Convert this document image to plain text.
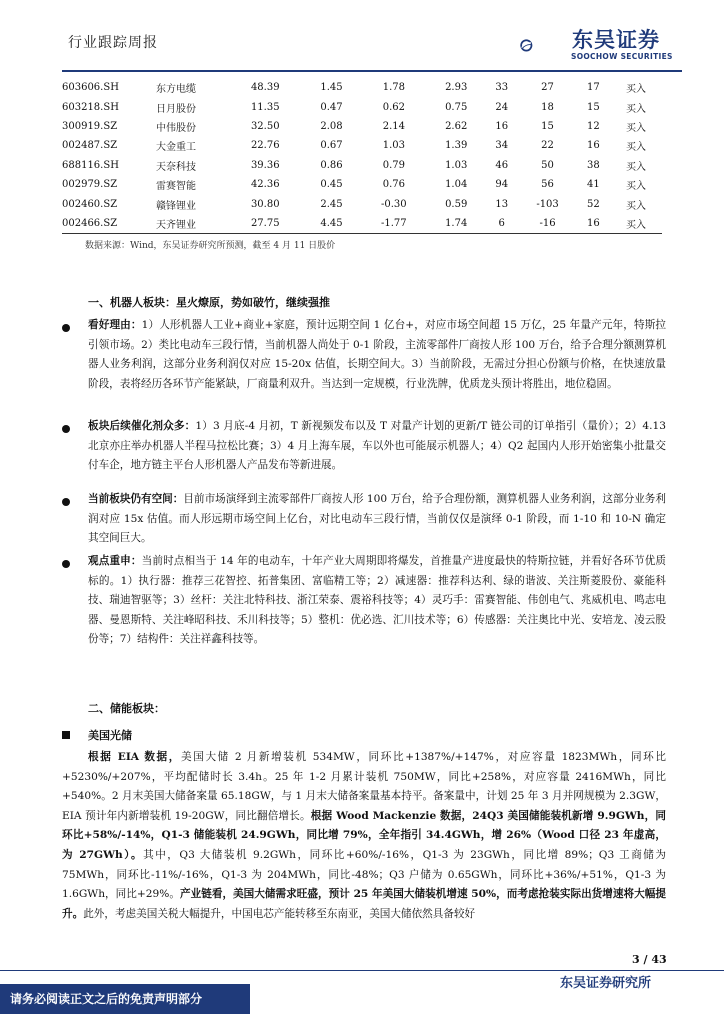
行业跟踪周报	东吴证券
SOOCHOW SECURITIES
603606.SH	东方电缆	48.39	1.45	1.78	2.93	33	27	17	买入
603218.SH	日月股份	11.35	0.47	0.62	0.75	24	18	15	买入
300919.SZ	中伟股份	32.50	2.08	2.14	2.62	16	15	12	买入
002487.SZ	大金重工	22.76	0.67	1.03	1.39	34	22	16	买入
688116.SH	天奈科技	39.36	0.86	0.79	1.03	46	50	38	买入
002979.SZ	雷赛智能	42.36	0.45	0.76	1.04	94	56	41	买入
002460.SZ	赣锋锂业	30.80	2.45	-0.30	0.59	13	-103	52	买入
002466.SZ	天齐锂业	27.75	4.45	-1.77	1.74	6	-16	16	买入
数据来源：Wind，东吴证券研究所预测，截至 4 月 11 日股价
一、机器人板块：星火燎原，势如破竹，继续强推
看好理由：1）人形机器人工业+商业+家庭，预计远期空间 1 亿台+，对应市场空间超 15 万亿，25 年量产元年，特斯拉引领市场。2）类比电动车三段行情，当前机器人尚处于 0-1 阶段，主流零部件厂商按人形 100 万台，给予合理分额测算机器人业务利润，这部分业务利润仅对应 15-20x 估值，长期空间大。3）当前阶段，无需过分担心份额与价格，在快速放量阶段，表将经历各环节产能紧缺，厂商量利双升。当达到一定规模，行业洗牌，优质龙头预计将胜出，地位稳固。
板块后续催化剂众多：1）3 月底-4 月初，T 新视频发布以及 T 对量产计划的更新/T 链公司的订单指引（量价）；2）4.13 北京亦庄举办机器人半程马拉松比赛；3）4 月上海车展，车以外也可能展示机器人；4）Q2 起国内人形开始密集小批量交付车企，地方链主平台人形机器人产品发布等新进展。
当前板块仍有空间：目前市场演绎到主流零部件厂商按人形 100 万台，给予合理份额，测算机器人业务利润，这部分业务利润对应 15x 估值。而人形远期市场空间上亿台，对比电动车三段行情，当前仅仅是演绎 0-1 阶段，而 1-10 和 10-N 确定其空间巨大。
观点重申：当前时点相当于 14 年的电动车，十年产业大周期即将爆发，首推量产进度最快的特斯拉链，并看好各环节优质标的。1）执行器：推荐三花智控、拓普集团、富临精工等；2）减速器：推荐科达利、绿的谐波、关注斯菱股份、豪能科技、瑞迪智驱等；3）丝杆：关注北特科技、浙江荣泰、震裕科技等；4）灵巧手：雷赛智能、伟创电气、兆威机电、鸣志电器、曼恩斯特、关注峰昭科技、禾川科技等；5）整机：优必选、汇川技术等；6）传感器：关注奥比中光、安培龙、凌云股份等；7）结构件：关注祥鑫科技等。
二、储能板块：
美国光储
根据 EIA 数据，美国大储 2 月新增装机 534MW，同环比+1387%/+147%，对应容量 1823MWh，同环比+5230%/+207%，平均配储时长 3.4h。25 年 1-2 月累计装机 750MW，同比+258%，对应容量 2416MWh，同比+540%。2 月末美国大储备案量 65.18GW，与 1 月末大储备案量基本持平。备案量中，计划 25 年 3 月并网规模为 2.3GW，EIA 预计年内新增装机 19-20GW，同比翻倍增长。根据 Wood Mackenzie 数据，24Q3 美国储能装机新增 9.9GWh，同环比+58%/-14%，Q1-3 储能装机 24.9GWh，同比增 79%，全年指引 34.4GWh，增 26%（Wood 口径 23 年虚高，为 27GWh）。其中，Q3 大储装机 9.2GWh，同环比+60%/-16%，Q1-3 为 23GWh，同比增 89%；Q3 工商储为 75MWh，同环比-11%/-16%，Q1-3 为 204MWh，同比-48%；Q3 户储为 0.65GWh，同环比+36%/+51%，Q1-3 为 1.6GWh，同比+29%。产业链看，美国大储需求旺盛，预计 25 年美国大储装机增速 50%，而考虑抢装实际出货增速将大幅提升。此外，考虑美国关税大幅提升，中国电芯产能转移至东南亚，美国大储依然具备较好
3 / 43
请务必阅读正文之后的免责声明部分
东吴证券研究所
